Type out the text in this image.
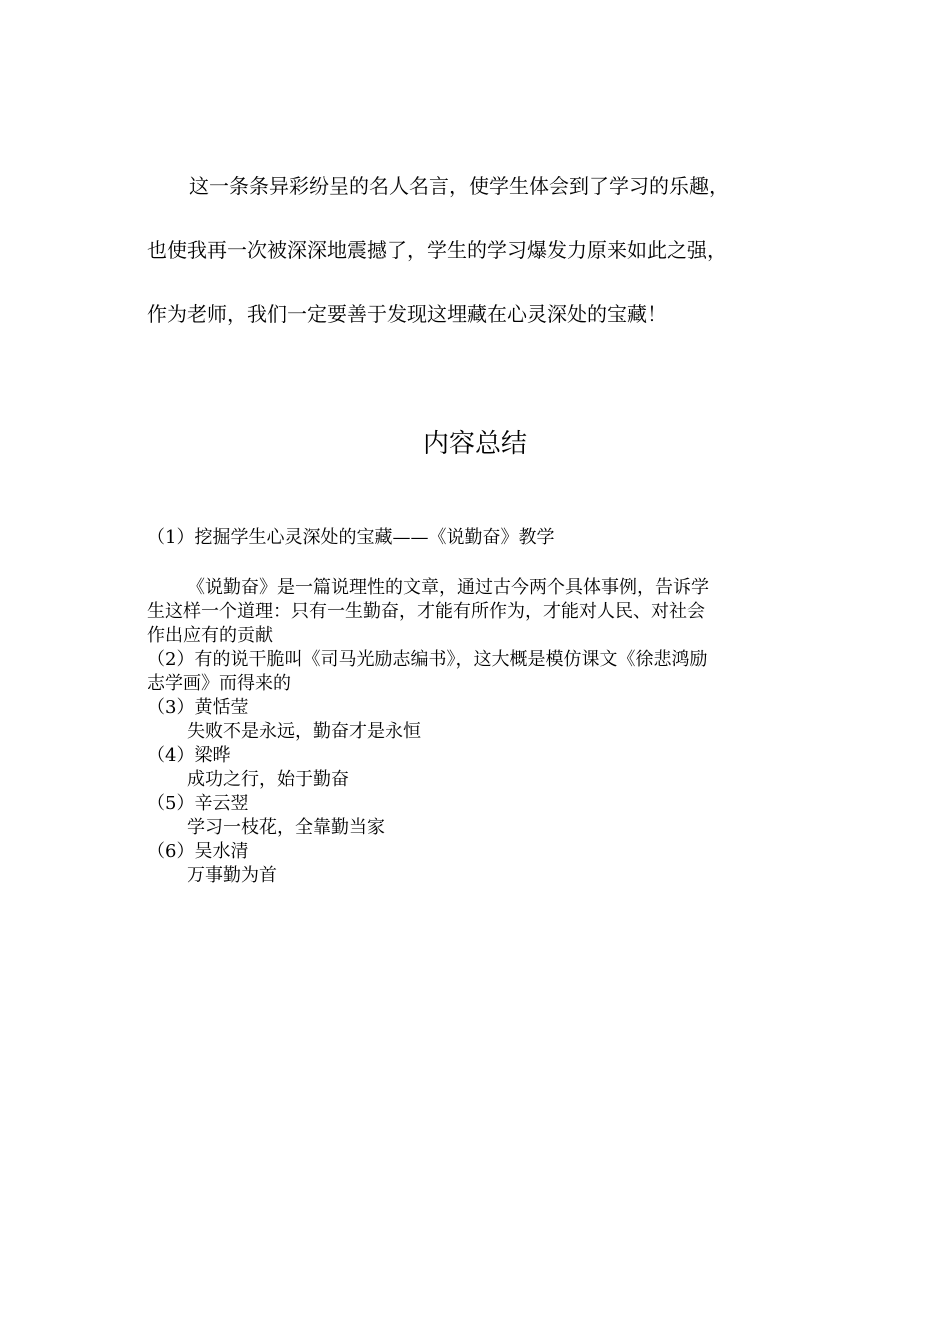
这一条条异彩纷呈的名人名言，使学生体会到了学习的乐趣，

也使我再一次被深深地震撼了，学生的学习爆发力原来如此之强，

作为老师，我们一定要善于发现这埋藏在心灵深处的宝藏！

内容总结
（1）挖掘学生心灵深处的宝藏——《说勤奋》教学
《说勤奋》是一篇说理性的文章，通过古今两个具体事例，告诉学
生这样一个道理：只有一生勤奋，才能有所作为，才能对人民、对社会
作出应有的贡献
（2）有的说干脆叫《司马光励志编书》，这大概是模仿课文《徐悲鸿励
志学画》而得来的
（3）黄恬莹
失败不是永远，勤奋才是永恒
（4）梁晔
成功之行，始于勤奋
（5）辛云翌
学习一枝花，全靠勤当家
（6）吴水清
万事勤为首
